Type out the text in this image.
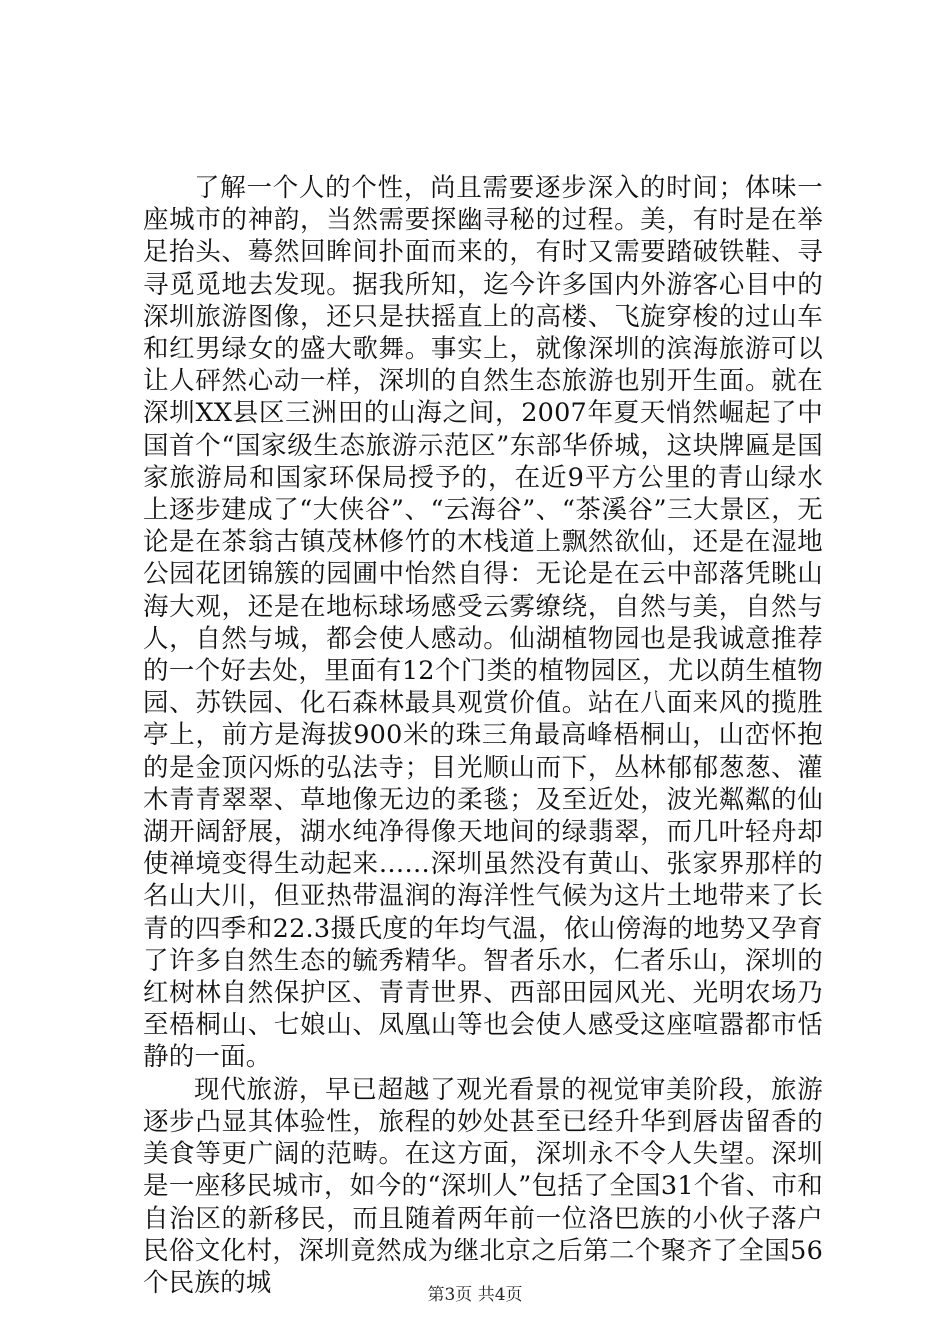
了解一个人的个性，尚且需要逐步深入的时间；体味一座城市的神韵，当然需要探幽寻秘的过程。美，有时是在举足抬头、蓦然回眸间扑面而来的，有时又需要踏破铁鞋、寻寻觅觅地去发现。据我所知，迄今许多国内外游客心目中的深圳旅游图像，还只是扶摇直上的高楼、飞旋穿梭的过山车和红男绿女的盛大歌舞。事实上，就像深圳的滨海旅游可以让人砰然心动一样，深圳的自然生态旅游也别开生面。就在深圳XX县区三洲田的山海之间，2007年夏天悄然崛起了中国首个“国家级生态旅游示范区”东部华侨城，这块牌匾是国家旅游局和国家环保局授予的，在近9平方公里的青山绿水上逐步建成了“大侠谷”、“云海谷”、“茶溪谷”三大景区，无论是在茶翁古镇茂林修竹的木栈道上飘然欲仙，还是在湿地公园花团锦簇的园圃中怡然自得：无论是在云中部落凭眺山海大观，还是在地标球场感受云雾缭绕，自然与美，自然与人，自然与城，都会使人感动。仙湖植物园也是我诚意推荐的一个好去处，里面有12个门类的植物园区，尤以荫生植物园、苏铁园、化石森林最具观赏价值。站在八面来风的揽胜亭上，前方是海拔900米的珠三角最高峰梧桐山，山峦怀抱的是金顶闪烁的弘法寺；目光顺山而下，丛林郁郁葱葱、灌木青青翠翠、草地像无边的柔毯；及至近处，波光粼粼的仙湖开阔舒展，湖水纯净得像天地间的绿翡翠，而几叶轻舟却使禅境变得生动起来……深圳虽然没有黄山、张家界那样的名山大川，但亚热带温润的海洋性气候为这片土地带来了长青的四季和22.3摄氏度的年均气温，依山傍海的地势又孕育了许多自然生态的毓秀精华。智者乐水，仁者乐山，深圳的红树林自然保护区、青青世界、西部田园风光、光明农场乃至梧桐山、七娘山、凤凰山等也会使人感受这座喧嚣都市恬静的一面。

现代旅游，早已超越了观光看景的视觉审美阶段，旅游逐步凸显其体验性，旅程的妙处甚至已经升华到唇齿留香的美食等更广阔的范畴。在这方面，深圳永不令人失望。深圳是一座移民城市，如今的“深圳人”包括了全国31个省、市和自治区的新移民，而且随着两年前一位洛巴族的小伙子落户民俗文化村，深圳竟然成为继北京之后第二个聚齐了全国56个民族的城	第3页 共4页
